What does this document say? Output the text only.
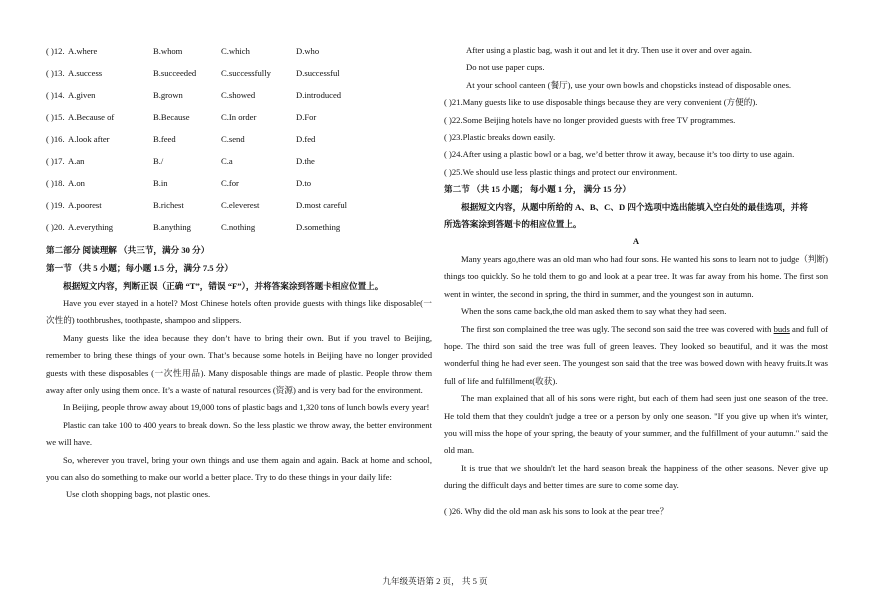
( )12. A.where	B.whom	C.which	D.who
( )13. A.success	B.succeeded	C.successfully	D.successful
( )14. A.given	B.grown	C.showed	D.introduced
( )15. A.Because of	B.Because	C.In order	D.For
( )16. A.look after	B.feed	C.send	D.fed
( )17. A.an	B./	C.a	D.the
( )18. A.on	B.in	C.for	D.to
( )19. A.poorest	B.richest	C.eleverest	D.most careful
( )20. A.everything	B.anything	C.nothing	D.something
第二部分 阅读理解 （共三节，满分 30 分）
第一节 （共 5 小题；每小题 1.5 分，满分 7.5 分）
根据短文内容，判断正误（正确 “T”，错误 “F”），并将答案涂到答题卡相应位置上。
Have you ever stayed in a hotel? Most Chinese hotels often provide guests with things like disposable(一次性的) toothbrushes, toothpaste, shampoo and slippers.
Many guests like the idea because they don’t have to bring their own. But if you travel to Beijing, remember to bring these things of your own. That’s because some hotels in Beijing have no longer provided guests with these disposables (一次性用品). Many disposable things are made of plastic. People throw them away after only using them once. It’s a waste of natural resources (资源) and is very bad for the environment.
In Beijing, people throw away about 19,000 tons of plastic bags and 1,320 tons of lunch bowls every year!
Plastic can take 100 to 400 years to break down. So the less plastic we throw away, the better environment we will have.
So, wherever you travel, bring your own things and use them again and again. Back at home and school, you can also do something to make our world a better place. Try to do these things in your daily life:
Use cloth shopping bags, not plastic ones.
After using a plastic bag, wash it out and let it dry. Then use it over and over again.
Do not use paper cups.
At your school canteen (餐厅), use your own bowls and chopsticks instead of disposable ones.
( )21.Many guests like to use disposable things because they are very convenient (方便的).
( )22.Some Beijing hotels have no longer provided guests with free TV programmes.
( )23.Plastic breaks down easily.
( )24.After using a plastic bowl or a bag, we’d better throw it away, because it’s too dirty to use again.
( )25.We should use less plastic things and protect our environment.
第二节 （共 15 小题； 每小题 1 分， 满分 15 分）
根据短文内容，从题中所给的 A、B、C、D 四个选项中选出能填入空白处的最佳选项，并将所选答案涂到答题卡的相应位置上。
A
Many years ago,there was an old man who had four sons. He wanted his sons to learn not to judge（判断) things too quickly. So he told them to go and look at a pear tree. It was far away from his home. The first son went in winter, the second in spring, the third in summer, and the youngest son in autumn.
When the sons came back,the old man asked them to say what they had seen.
The first son complained the tree was ugly. The second son said the tree was covered with buds and full of hope. The third son said the tree was full of green leaves. They looked so beautiful, and it was the most wonderful thing he had ever seen. The youngest son said that the tree was bowed down with heavy fruits.It was full of life and fulfillment(收获).
The man explained that all of his sons were right, but each of them had seen just one season of the tree. He told them that they couldn't judge a tree or a person by only one season. "If you give up when it's winter, you will miss the hope of your spring, the beauty of your summer, and the fulfillment of your autumn." said the old man.
It is true that we shouldn't let the hard season break the happiness of the other seasons. Never give up during the difficult days and better times are sure to come some day.
( )26. Why did the old man ask his sons to look at the pear tree？
九年级英语第 2 页， 共 5 页
